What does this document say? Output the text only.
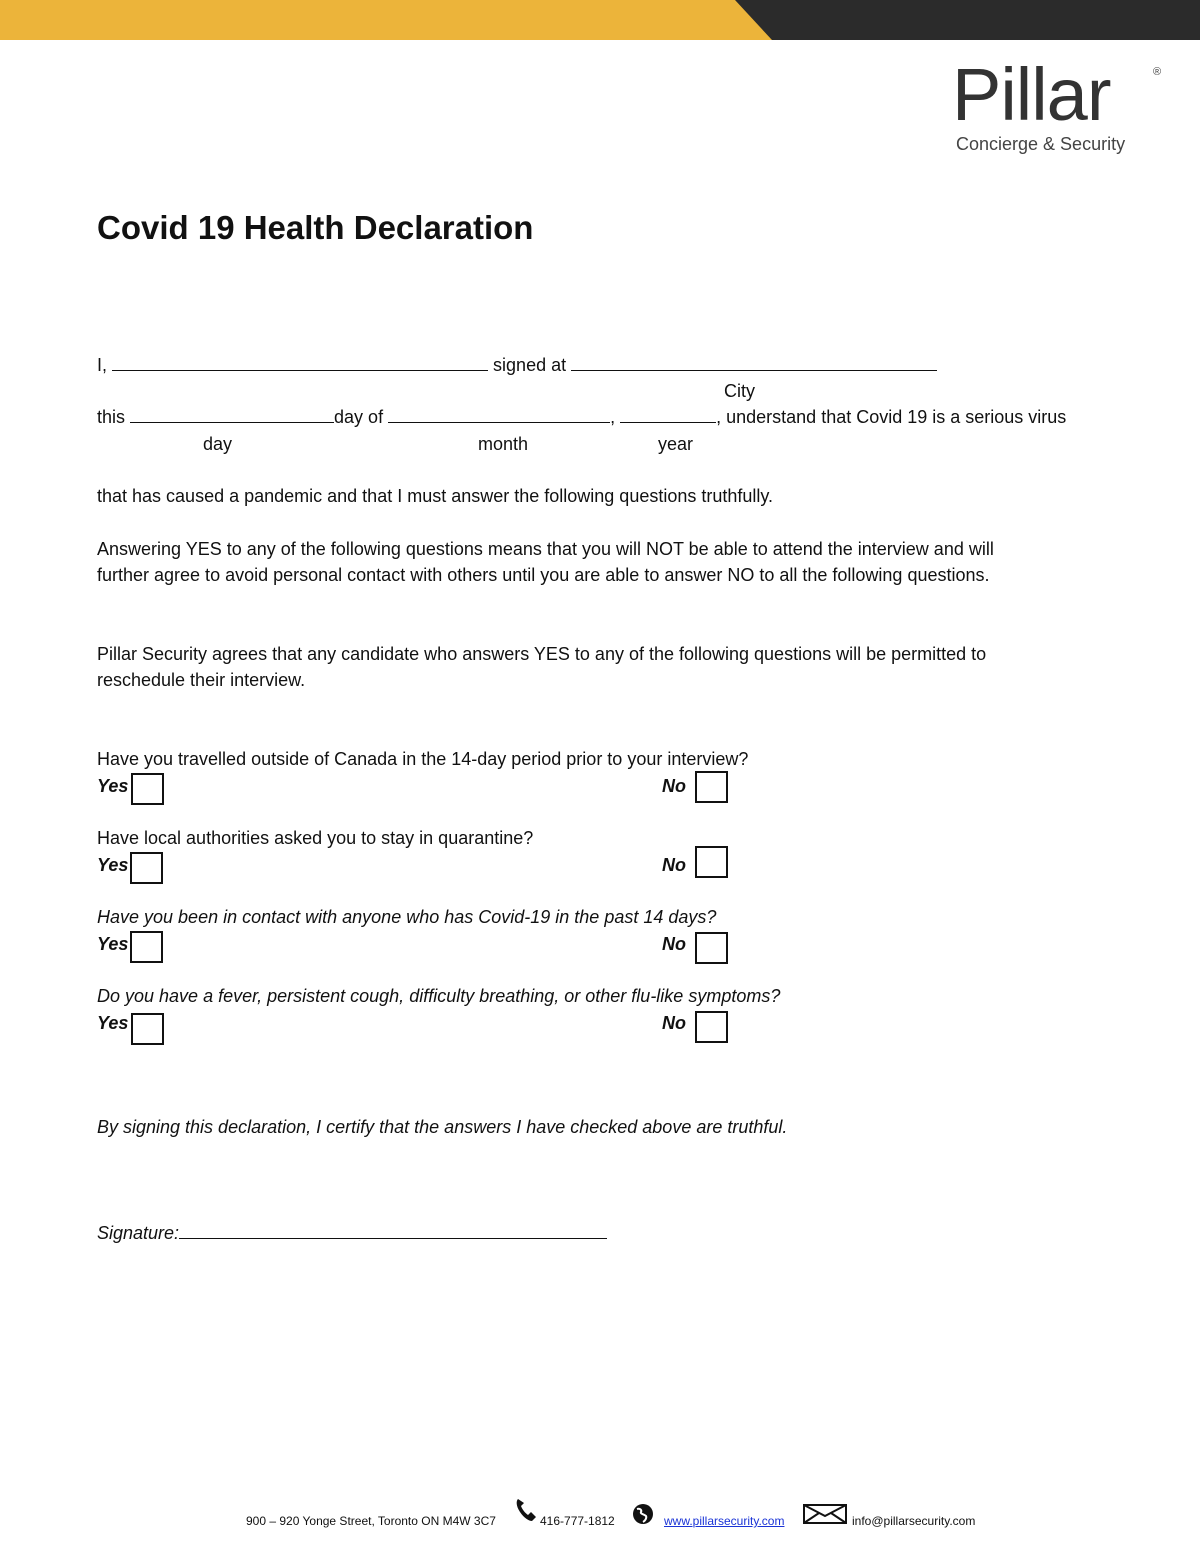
Pillar	®
Concierge & Security
Covid 19 Health Declaration
I,	signed at
City
this	day of	,	, understand that Covid 19 is a serious virus
day	month	year
that has caused a pandemic and that I must answer the following questions truthfully.
Answering YES to any of the following questions means that you will NOT be able to attend the interview and will
further agree to avoid personal contact with others until you are able to answer NO to all the following questions.
Pillar Security agrees that any candidate who answers YES to any of the following questions will be permitted to
reschedule their interview.
Have you travelled outside of Canada in the 14-day period prior to your interview?
Yes	No
Have local authorities asked you to stay in quarantine?
Yes	No
Have you been in contact with anyone who has Covid-19 in the past 14 days?
Yes	No
Do you have a fever, persistent cough, difficulty breathing, or other flu-like symptoms?
Yes	No
By signing this declaration, I certify that the answers I have checked above are truthful.
Signature:
900 – 920 Yonge Street, Toronto ON M4W 3C7	416-777-1812	www.pillarsecurity.com	info@pillarsecurity.com
